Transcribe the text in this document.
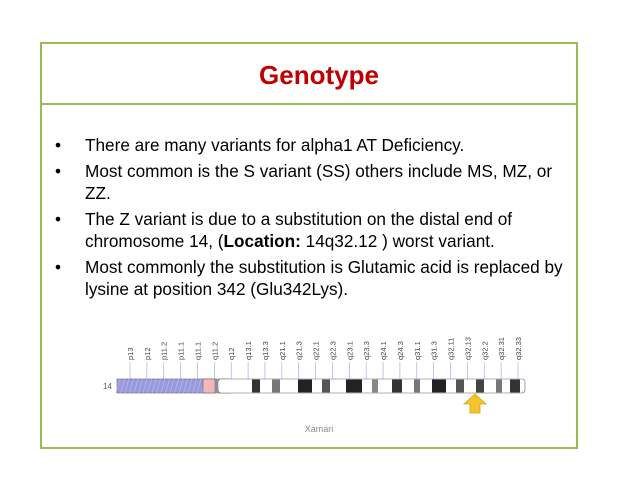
Genotype
• There are many variants for alpha1 AT Deficiency.
• Most common is the S variant (SS) others include MS, MZ, or ZZ.
• The Z variant is due to a substitution on the distal end of chromosome 14, (Location: 14q32.12 ) worst variant.
• Most commonly the substitution is Glutamic acid is replaced by lysine at position 342 (Glu342Lys).
14
p13 p12 p11.2 p11.1 q11.1 q11.2 q12 q13.1 q13.3 q21.1 q21.3 q22.1 q22.3 q23.1 q23.3 q24.1 q24.3 q31.1 q31.3 q32.11 q32.13 q32.2 q32.31 q32.33
Xamari
